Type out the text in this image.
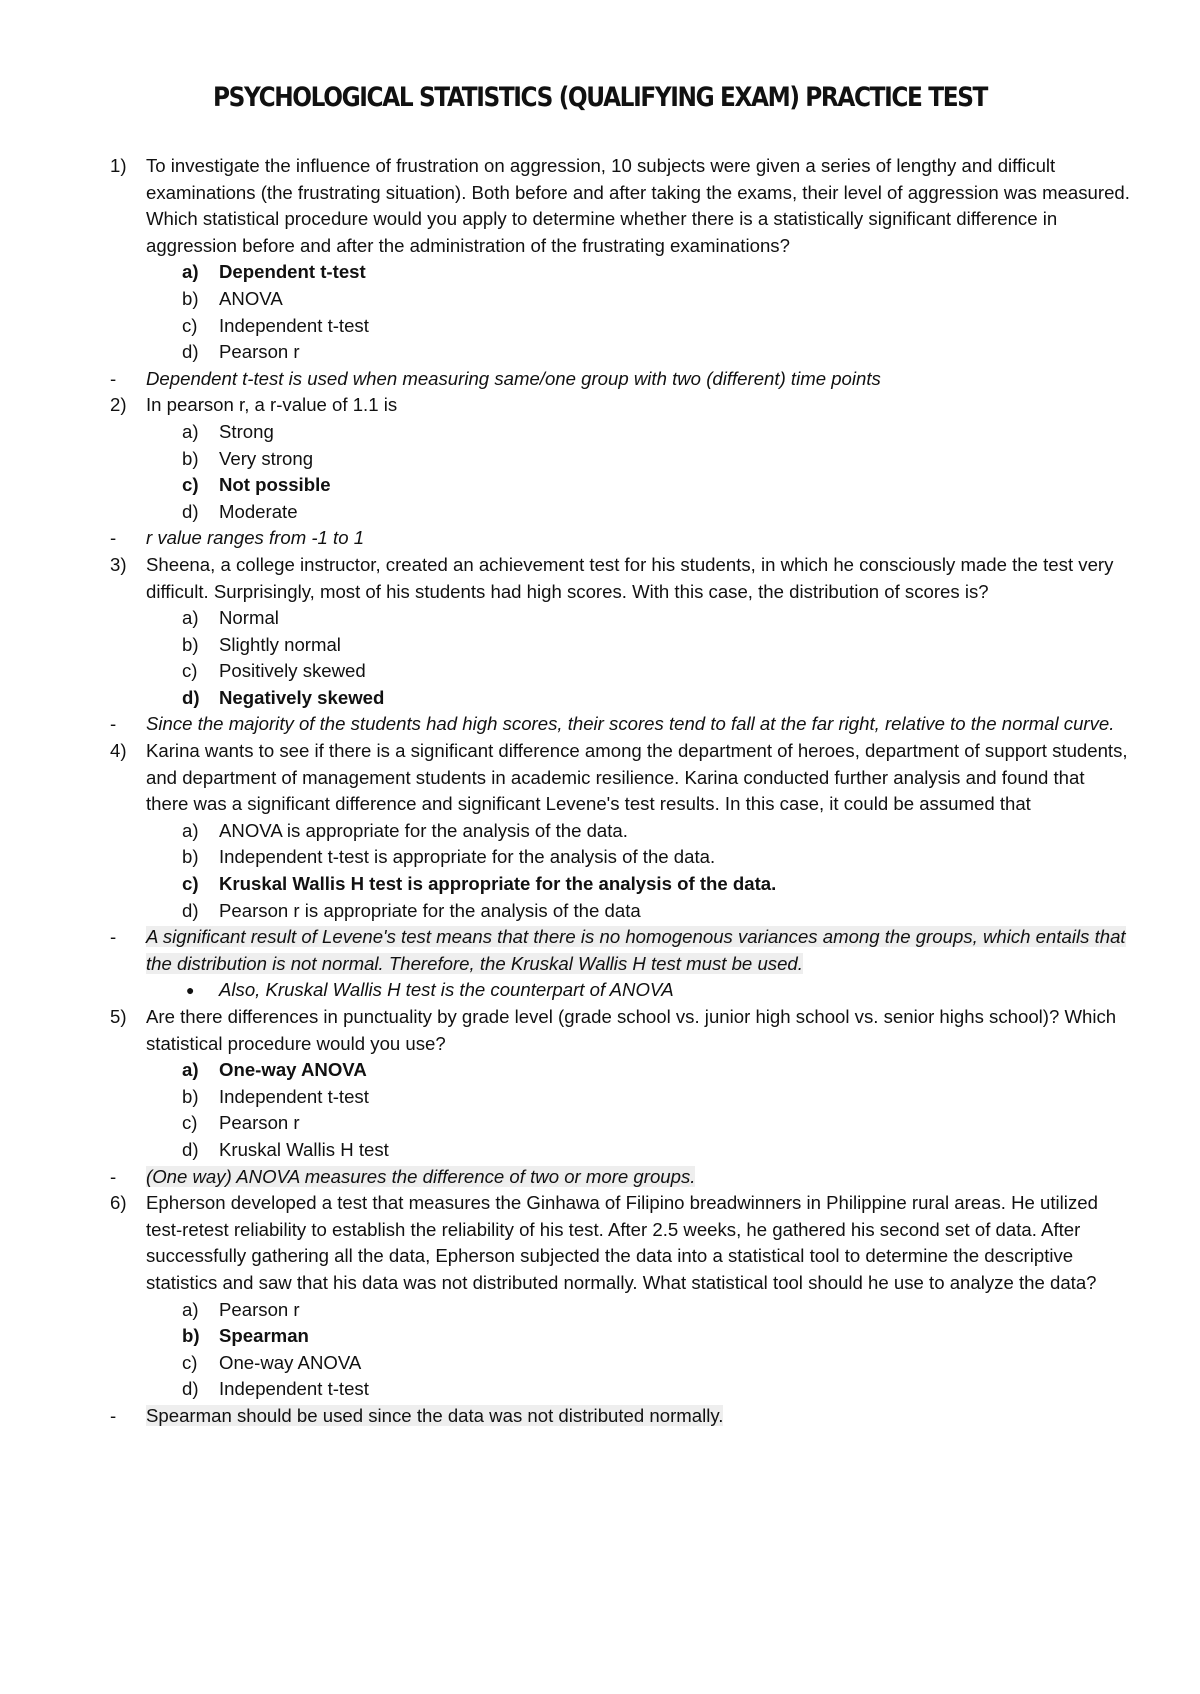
PSYCHOLOGICAL STATISTICS (QUALIFYING EXAM) PRACTICE TEST
1) To investigate the influence of frustration on aggression, 10 subjects were given a series of lengthy and difficult examinations (the frustrating situation). Both before and after taking the exams, their level of aggression was measured. Which statistical procedure would you apply to determine whether there is a statistically significant difference in aggression before and after the administration of the frustrating examinations?
a) Dependent t-test
b) ANOVA
c) Independent t-test
d) Pearson r
- Dependent t-test is used when measuring same/one group with two (different) time points
2) In pearson r, a r-value of 1.1 is
a) Strong
b) Very strong
c) Not possible
d) Moderate
- r value ranges from -1 to 1
3) Sheena, a college instructor, created an achievement test for his students, in which he consciously made the test very difficult. Surprisingly, most of his students had high scores. With this case, the distribution of scores is?
a) Normal
b) Slightly normal
c) Positively skewed
d) Negatively skewed
- Since the majority of the students had high scores, their scores tend to fall at the far right, relative to the normal curve.
4) Karina wants to see if there is a significant difference among the department of heroes, department of support students, and department of management students in academic resilience. Karina conducted further analysis and found that there was a significant difference and significant Levene's test results. In this case, it could be assumed that
a) ANOVA is appropriate for the analysis of the data.
b) Independent t-test is appropriate for the analysis of the data.
c) Kruskal Wallis H test is appropriate for the analysis of the data.
d) Pearson r is appropriate for the analysis of the data
- A significant result of Levene's test means that there is no homogenous variances among the groups, which entails that the distribution is not normal. Therefore, the Kruskal Wallis H test must be used.
● Also, Kruskal Wallis H test is the counterpart of ANOVA
5) Are there differences in punctuality by grade level (grade school vs. junior high school vs. senior highs school)? Which statistical procedure would you use?
a) One-way ANOVA
b) Independent t-test
c) Pearson r
d) Kruskal Wallis H test
- (One way) ANOVA measures the difference of two or more groups.
6) Epherson developed a test that measures the Ginhawa of Filipino breadwinners in Philippine rural areas. He utilized test-retest reliability to establish the reliability of his test. After 2.5 weeks, he gathered his second set of data. After successfully gathering all the data, Epherson subjected the data into a statistical tool to determine the descriptive statistics and saw that his data was not distributed normally. What statistical tool should he use to analyze the data?
a) Pearson r
b) Spearman
c) One-way ANOVA
d) Independent t-test
- Spearman should be used since the data was not distributed normally.
